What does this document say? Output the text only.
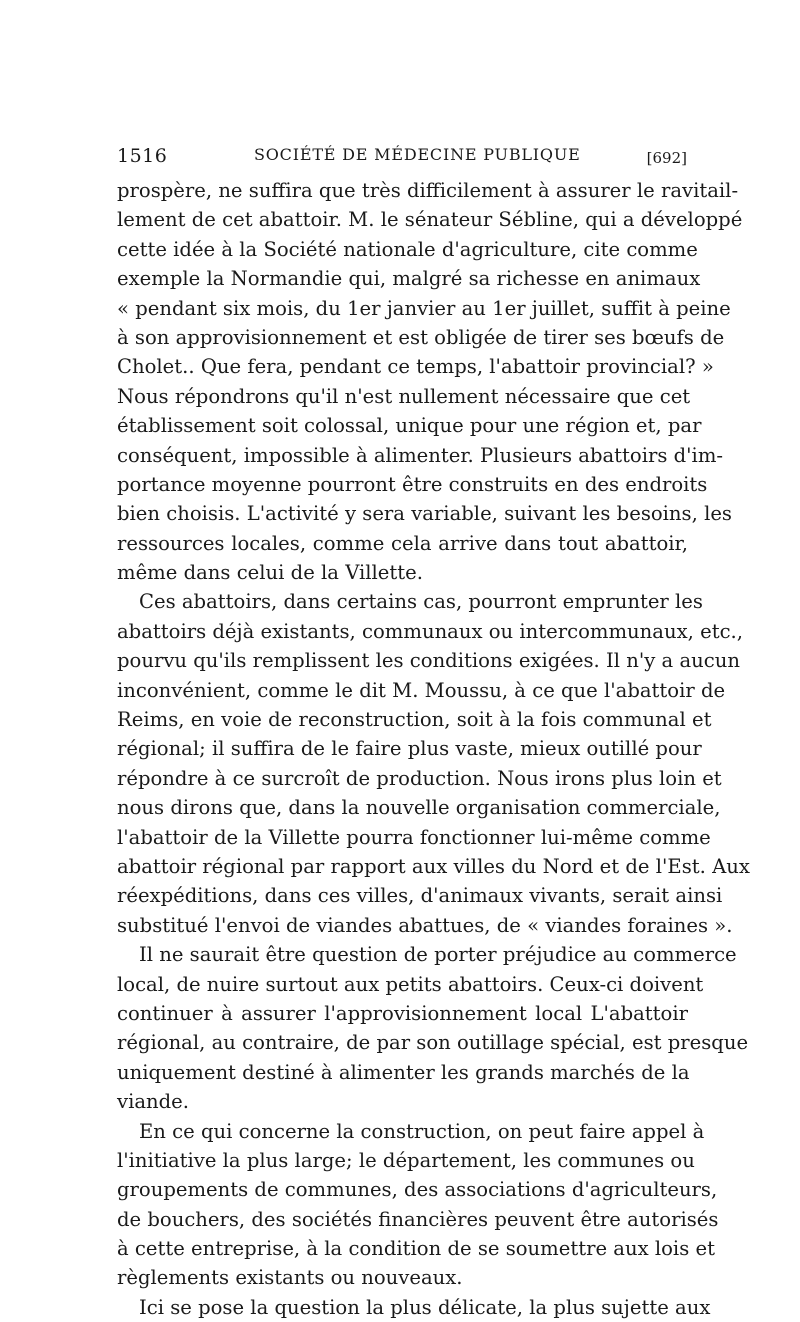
1516	SOCIÉTÉ DE MÉDECINE PUBLIQUE	[692]
prospère, ne suffira que très difficilement à assurer le ravitail-
lement de cet abattoir. M. le sénateur Sébline, qui a développé
cette idée à la Société nationale d'agriculture, cite comme
exemple la Normandie qui, malgré sa richesse en animaux
« pendant six mois, du 1er janvier au 1er juillet, suffit à peine
à son approvisionnement et est obligée de tirer ses bœufs de
Cholet.. Que fera, pendant ce temps, l'abattoir provincial? »
Nous répondrons qu'il n'est nullement nécessaire que cet
établissement soit colossal, unique pour une région et, par
conséquent, impossible à alimenter. Plusieurs abattoirs d'im-
portance moyenne pourront être construits en des endroits
bien choisis. L'activité y sera variable, suivant les besoins, les
ressources locales, comme cela arrive dans tout abattoir,
même dans celui de la Villette.
Ces abattoirs, dans certains cas, pourront emprunter les
abattoirs déjà existants, communaux ou intercommunaux, etc.,
pourvu qu'ils remplissent les conditions exigées. Il n'y a aucun
inconvénient, comme le dit M. Moussu, à ce que l'abattoir de
Reims, en voie de reconstruction, soit à la fois communal et
régional; il suffira de le faire plus vaste, mieux outillé pour
répondre à ce surcroît de production. Nous irons plus loin et
nous dirons que, dans la nouvelle organisation commerciale,
l'abattoir de la Villette pourra fonctionner lui-même comme
abattoir régional par rapport aux villes du Nord et de l'Est. Aux
réexpéditions, dans ces villes, d'animaux vivants, serait ainsi
substitué l'envoi de viandes abattues, de « viandes foraines ».
Il ne saurait être question de porter préjudice au commerce
local, de nuire surtout aux petits abattoirs. Ceux-ci doivent
continuer à assurer l'approvisionnement local L'abattoir
régional, au contraire, de par son outillage spécial, est presque
uniquement destiné à alimenter les grands marchés de la
viande.
En ce qui concerne la construction, on peut faire appel à
l'initiative la plus large; le département, les communes ou
groupements de communes, des associations d'agriculteurs,
de bouchers, des sociétés financières peuvent être autorisés
à cette entreprise, à la condition de se soumettre aux lois et
règlements existants ou nouveaux.
Ici se pose la question la plus délicate, la plus sujette aux
